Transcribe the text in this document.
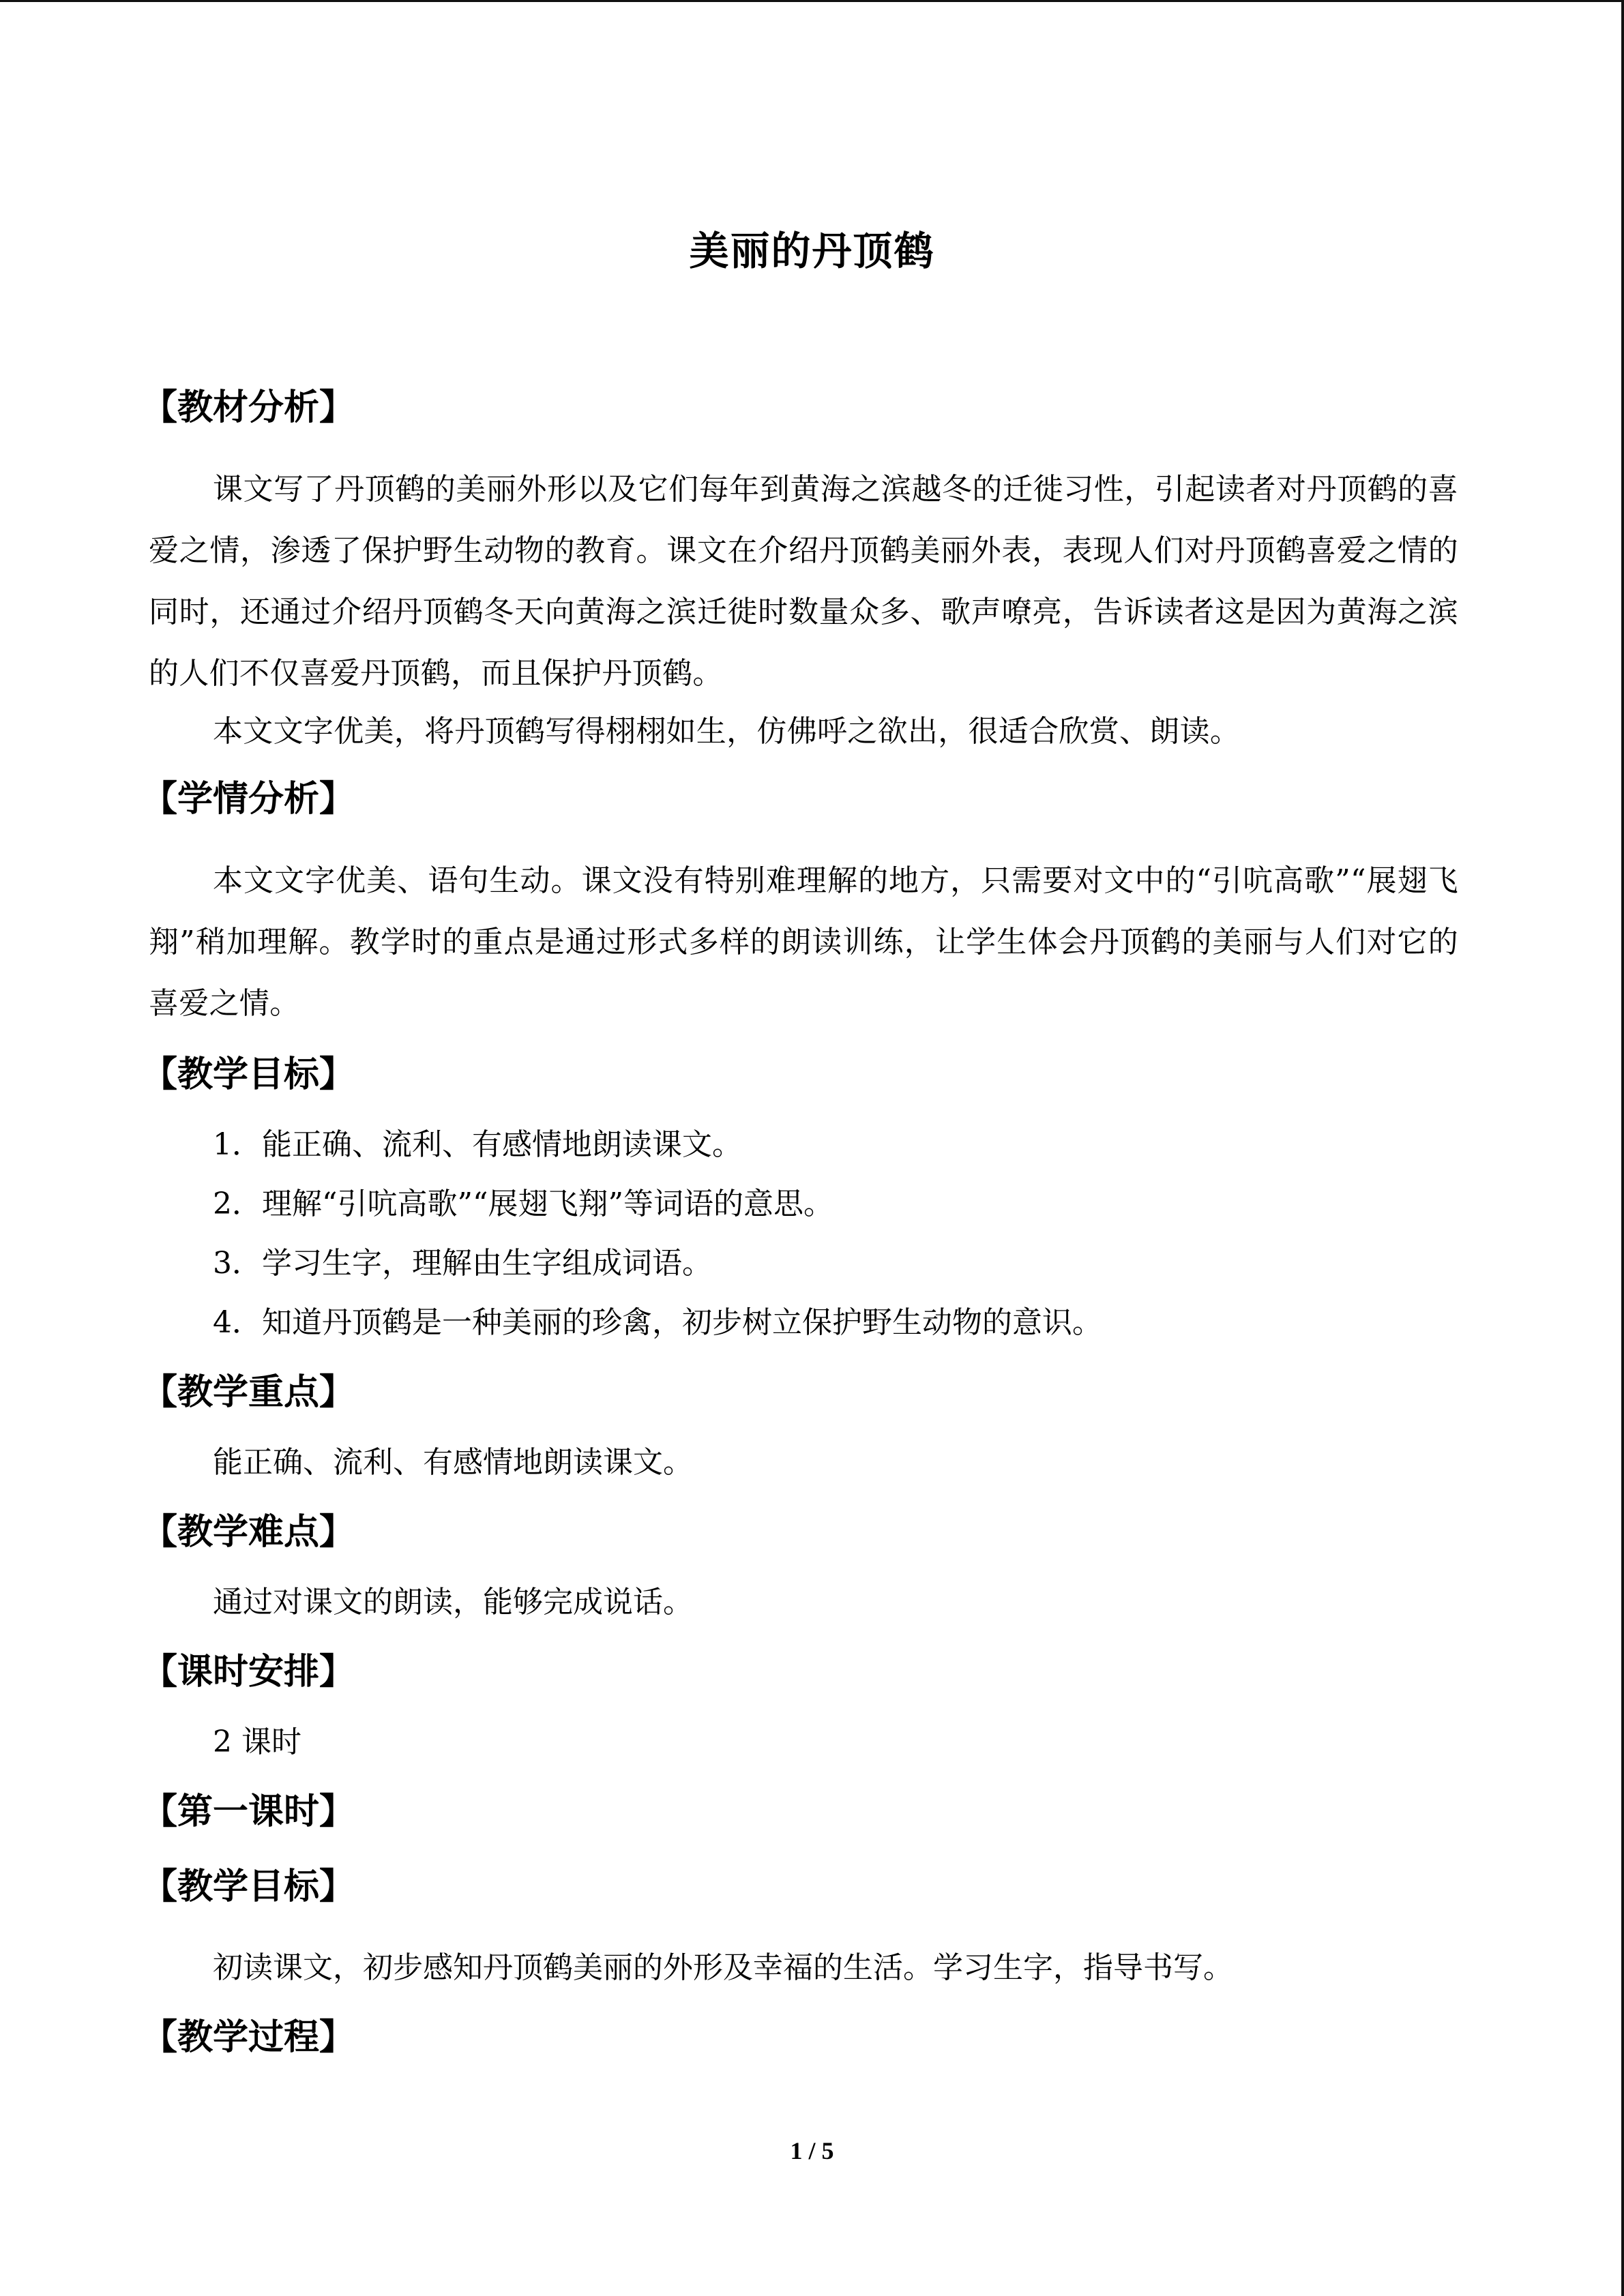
美丽的丹顶鹤
【教材分析】
课文写了丹顶鹤的美丽外形以及它们每年到黄海之滨越冬的迁徙习性，引起读者对丹顶鹤的喜爱之情，渗透了保护野生动物的教育。课文在介绍丹顶鹤美丽外表，表现人们对丹顶鹤喜爱之情的同时，还通过介绍丹顶鹤冬天向黄海之滨迁徙时数量众多、歌声嘹亮，告诉读者这是因为黄海之滨的人们不仅喜爱丹顶鹤，而且保护丹顶鹤。
本文文字优美，将丹顶鹤写得栩栩如生，仿佛呼之欲出，很适合欣赏、朗读。
【学情分析】
本文文字优美、语句生动。课文没有特别难理解的地方，只需要对文中的“引吭高歌”“展翅飞翔”稍加理解。教学时的重点是通过形式多样的朗读训练，让学生体会丹顶鹤的美丽与人们对它的喜爱之情。
【教学目标】
1．能正确、流利、有感情地朗读课文。
2．理解“引吭高歌”“展翅飞翔”等词语的意思。
3．学习生字，理解由生字组成词语。
4．知道丹顶鹤是一种美丽的珍禽，初步树立保护野生动物的意识。
【教学重点】
能正确、流利、有感情地朗读课文。
【教学难点】
通过对课文的朗读，能够完成说话。
【课时安排】
2 课时
【第一课时】
【教学目标】
初读课文，初步感知丹顶鹤美丽的外形及幸福的生活。学习生字，指导书写。
【教学过程】
1 / 5
